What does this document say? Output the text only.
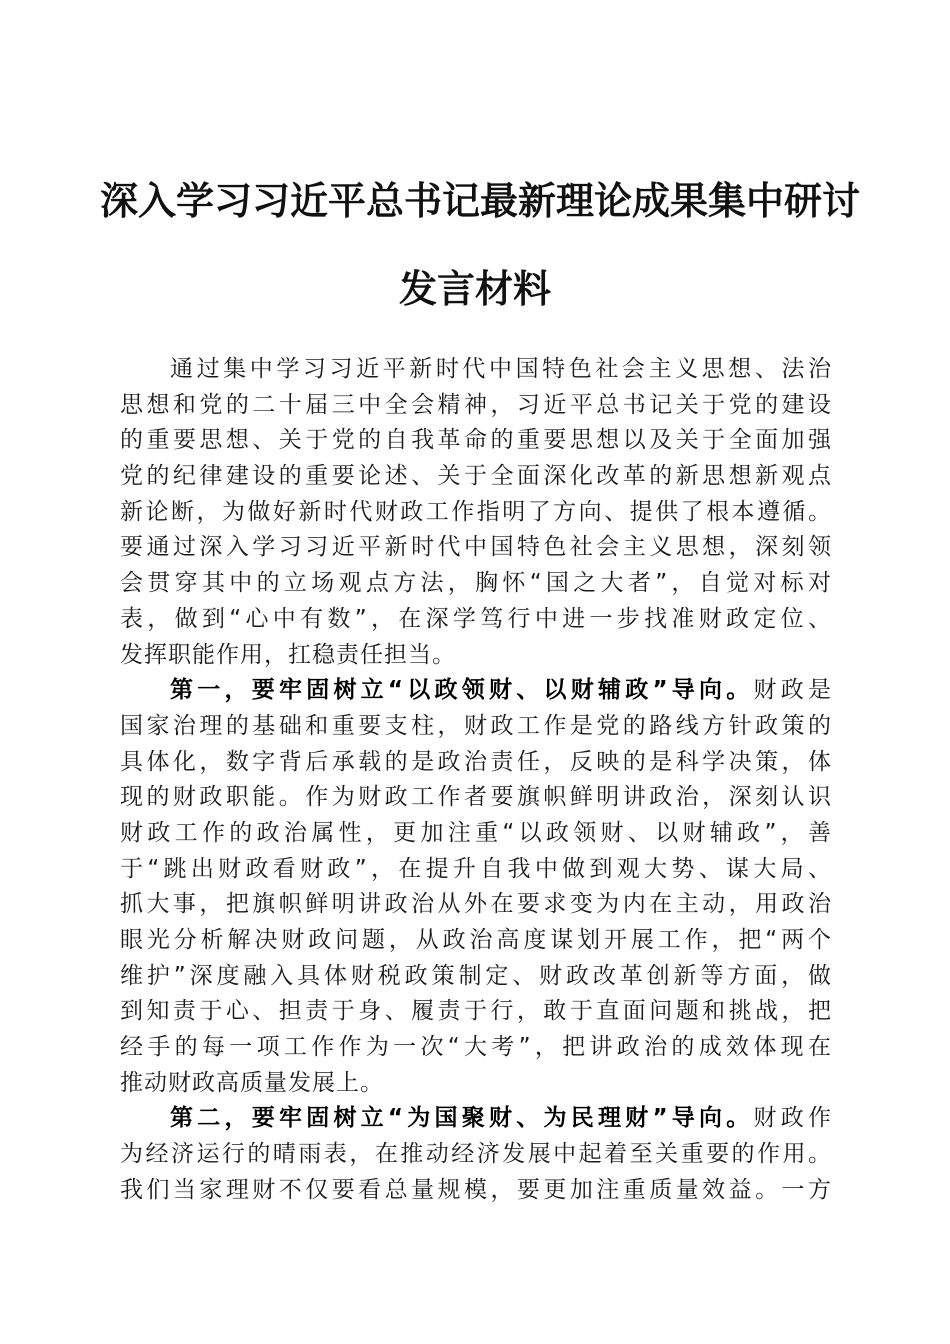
深入学习习近平总书记最新理论成果集中研讨
发言材料
通过集中学习习近平新时代中国特色社会主义思想、法治
思想和党的二十届三中全会精神，习近平总书记关于党的建设
的重要思想、关于党的自我革命的重要思想以及关于全面加强
党的纪律建设的重要论述、关于全面深化改革的新思想新观点
新论断，为做好新时代财政工作指明了方向、提供了根本遵循。
要通过深入学习习近平新时代中国特色社会主义思想，深刻领
会贯穿其中的立场观点方法，胸怀“国之大者”，自觉对标对
表，做到“心中有数”，在深学笃行中进一步找准财政定位、
发挥职能作用，扛稳责任担当。
第一，要牢固树立“以政领财、以财辅政”导向。财政是
国家治理的基础和重要支柱，财政工作是党的路线方针政策的
具体化，数字背后承载的是政治责任，反映的是科学决策，体
现的财政职能。作为财政工作者要旗帜鲜明讲政治，深刻认识
财政工作的政治属性，更加注重“以政领财、以财辅政”，善
于“跳出财政看财政”，在提升自我中做到观大势、谋大局、
抓大事，把旗帜鲜明讲政治从外在要求变为内在主动，用政治
眼光分析解决财政问题，从政治高度谋划开展工作，把“两个
维护”深度融入具体财税政策制定、财政改革创新等方面，做
到知责于心、担责于身、履责于行，敢于直面问题和挑战，把
经手的每一项工作作为一次“大考”，把讲政治的成效体现在
推动财政高质量发展上。
第二，要牢固树立“为国聚财、为民理财”导向。财政作
为经济运行的晴雨表，在推动经济发展中起着至关重要的作用。
我们当家理财不仅要看总量规模，要更加注重质量效益。一方
